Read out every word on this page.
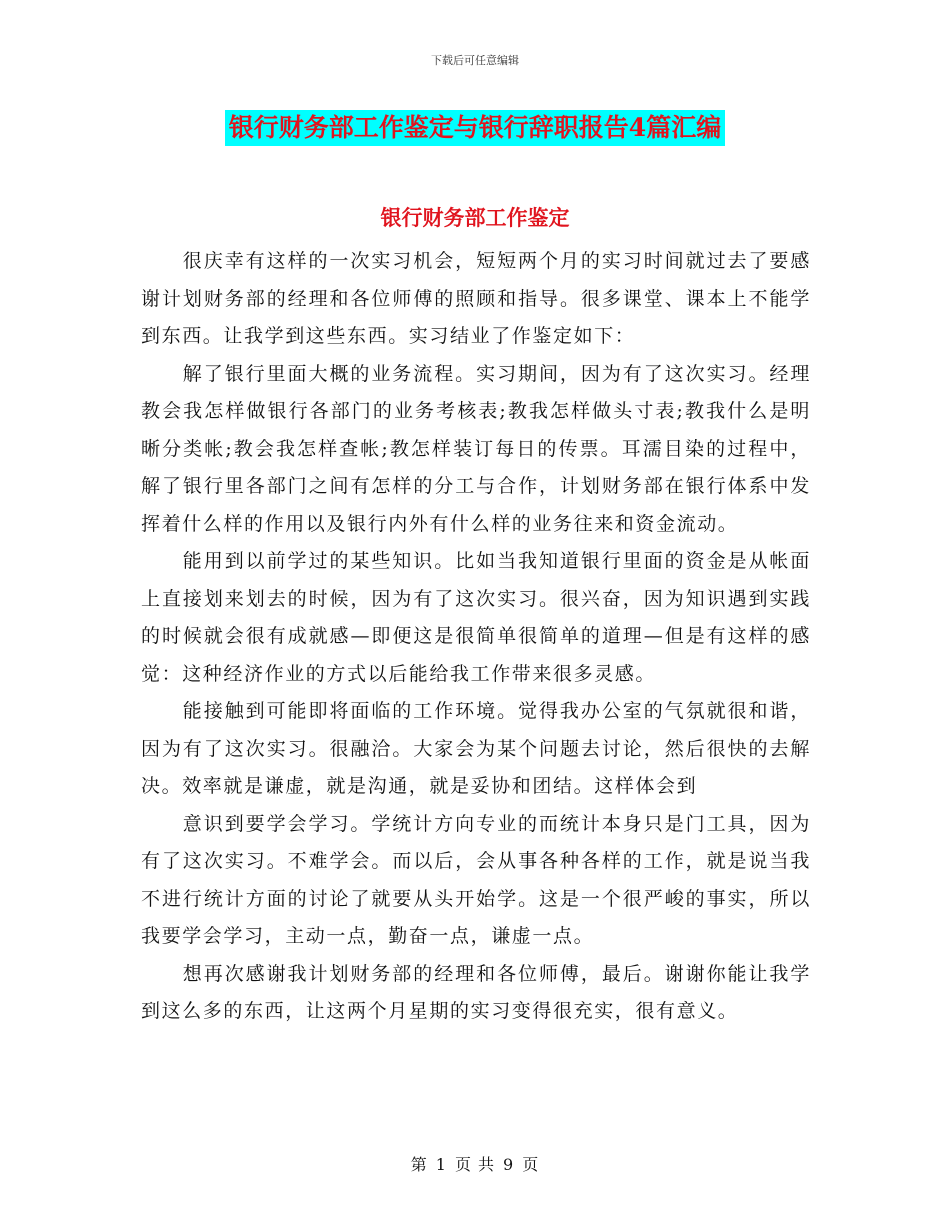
下载后可任意编辑
银行财务部工作鉴定与银行辞职报告4篇汇编
银行财务部工作鉴定

很庆幸有这样的一次实习机会，短短两个月的实习时间就过去了要感谢计划财务部的经理和各位师傅的照顾和指导。很多课堂、课本上不能学到东西。让我学到这些东西。实习结业了作鉴定如下：

解了银行里面大概的业务流程。实习期间，因为有了这次实习。经理教会我怎样做银行各部门的业务考核表;教我怎样做头寸表;教我什么是明晰分类帐;教会我怎样查帐;教怎样装订每日的传票。耳濡目染的过程中，解了银行里各部门之间有怎样的分工与合作，计划财务部在银行体系中发挥着什么样的作用以及银行内外有什么样的业务往来和资金流动。

能用到以前学过的某些知识。比如当我知道银行里面的资金是从帐面上直接划来划去的时候，因为有了这次实习。很兴奋，因为知识遇到实践的时候就会很有成就感—即便这是很简单很简单的道理—但是有这样的感觉：这种经济作业的方式以后能给我工作带来很多灵感。

能接触到可能即将面临的工作环境。觉得我办公室的气氛就很和谐，因为有了这次实习。很融洽。大家会为某个问题去讨论，然后很快的去解决。效率就是谦虚，就是沟通，就是妥协和团结。这样体会到

意识到要学会学习。学统计方向专业的而统计本身只是门工具，因为有了这次实习。不难学会。而以后，会从事各种各样的工作，就是说当我不进行统计方面的讨论了就要从头开始学。这是一个很严峻的事实，所以我要学会学习，主动一点，勤奋一点，谦虚一点。

想再次感谢我计划财务部的经理和各位师傅，最后。谢谢你能让我学到这么多的东西，让这两个月星期的实习变得很充实，很有意义。

第 1 页 共 9 页
